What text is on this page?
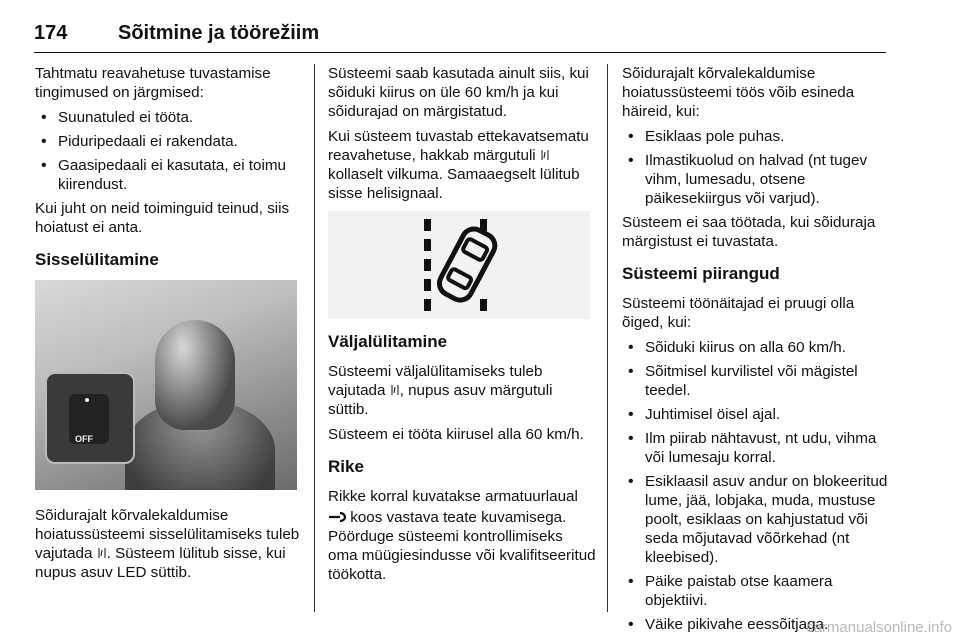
174	Sõitmine ja töörežiim

Tahtmatu reavahetuse tuvastamise tingimused on järgmised:

• Suunatuled ei tööta.
• Piduripedaali ei rakendata.
• Gaasipedaali ei kasutata, ei toimu kiirendust.

Kui juht on neid toiminguid teinud, siis hoiatust ei anta.

Sisselülitamine
OFF

Sõidurajalt kõrvalekaldumise hoiatussüsteemi sisselülitamiseks tuleb vajutada . Süsteem lülitub sisse, kui nupus asuv LED süttib.

Süsteemi saab kasutada ainult siis, kui sõiduki kiirus on üle 60 km/h ja kui sõidurajad on märgistatud.

Kui süsteem tuvastab ettekavatsematu reavahetuse, hakkab märgutuli  kollaselt vilkuma. Samaaegselt lülitub sisse helisignaal.

Väljalülitamine

Süsteemi väljalülitamiseks tuleb vajutada , nupus asuv märgutuli süttib.

Süsteem ei tööta kiirusel alla 60 km/h.

Rike

Rikke korral kuvatakse armatuurlaual

koos vastava teate kuvamisega. Pöörduge süsteemi kontrollimiseks oma müügiesindusse või kvalifitseeritud töökotta.

Sõidurajalt kõrvalekaldumise hoiatussüsteemi töös võib esineda häireid, kui:

• Esiklaas pole puhas.
• Ilmastikuolud on halvad (nt tugev vihm, lumesadu, otsene päikesekiirgus või varjud).

Süsteem ei saa töötada, kui sõiduraja märgistust ei tuvastata.

Süsteemi piirangud

Süsteemi töönäitajad ei pruugi olla õiged, kui:

• Sõiduki kiirus on alla 60 km/h.
• Sõitmisel kurvilistel või mägistel teedel.
• Juhtimisel öisel ajal.
• Ilm piirab nähtavust, nt udu, vihma või lumesaju korral.
• Esiklaasil asuv andur on blokeeritud lume, jää, lobjaka, muda, mustuse poolt, esiklaas on kahjustatud või seda mõjutavad võõrkehad (nt kleebised).
• Päike paistab otse kaamera objektiivi.
• Väike pikivahe eessõitjaga.
carmanualsonline.info
